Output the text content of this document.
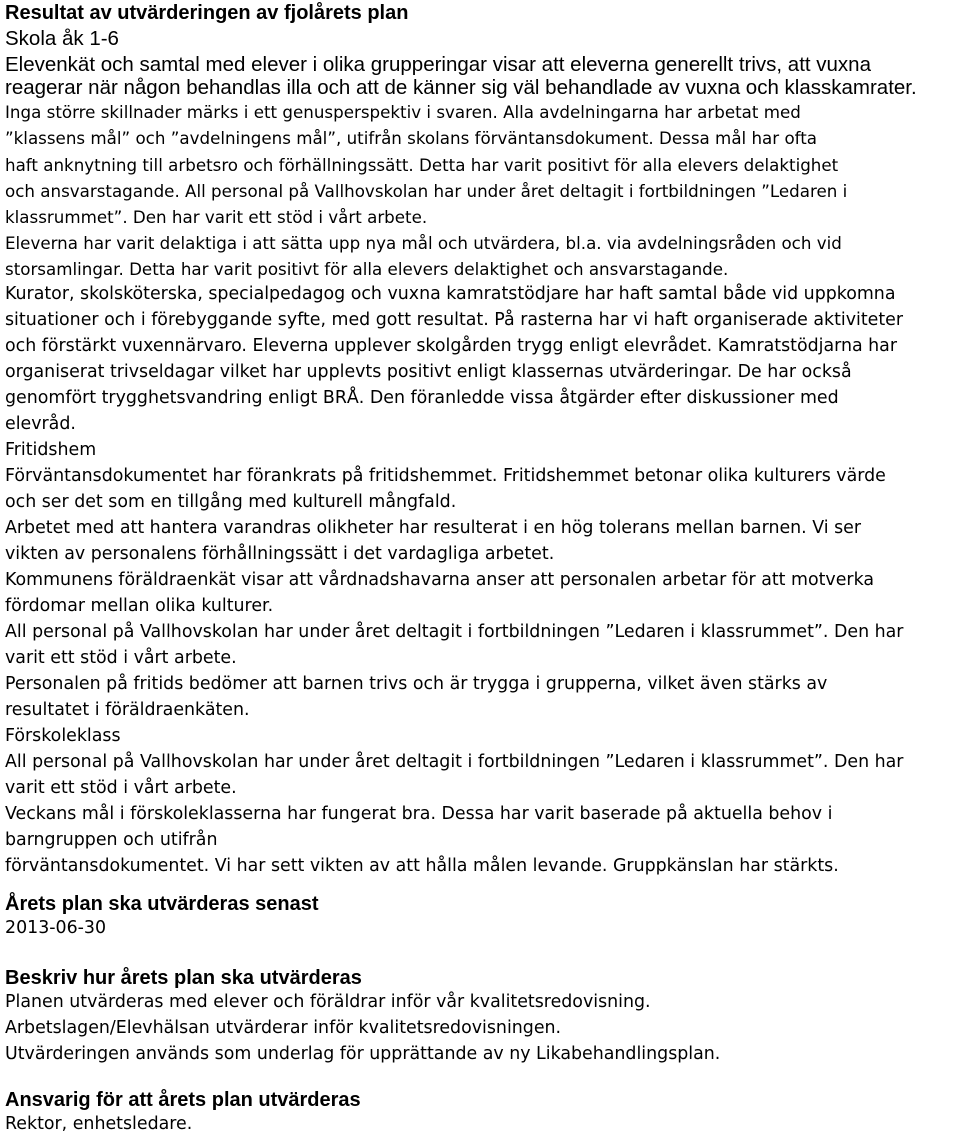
Resultat av utvärderingen av fjolårets plan

Skola åk 1-6

Elevenkät och samtal med elever i olika grupperingar visar att eleverna generellt trivs, att vuxna

reagerar när någon behandlas illa och att de känner sig väl behandlade av vuxna och klasskamrater.

Inga större skillnader märks i ett genusperspektiv i svaren. Alla avdelningarna har arbetat med

”klassens mål” och ”avdelningens mål”, utifrån skolans förväntansdokument. Dessa mål har ofta

haft anknytning till arbetsro och förhällningssätt. Detta har varit positivt för alla elevers delaktighet

och ansvarstagande. All personal på Vallhovskolan har under året deltagit i fortbildningen ”Ledaren i

klassrummet”. Den har varit ett stöd i vårt arbete.

Eleverna har varit delaktiga i att sätta upp nya mål och utvärdera, bl.a. via avdelningsråden och vid

storsamlingar. Detta har varit positivt för alla elevers delaktighet och ansvarstagande.

Kurator, skolsköterska, specialpedagog och vuxna kamratstödjare har haft samtal både vid uppkomna

situationer och i förebyggande syfte, med gott resultat. På rasterna har vi haft organiserade aktiviteter

och förstärkt vuxennärvaro. Eleverna upplever skolgården trygg enligt elevrådet. Kamratstödjarna har

organiserat trivseldagar vilket har upplevts positivt enligt klassernas utvärderingar. De har också

genomfört trygghetsvandring enligt BRÅ. Den föranledde vissa åtgärder efter diskussioner med

elevråd.

Fritidshem

Förväntansdokumentet har förankrats på fritidshemmet. Fritidshemmet betonar olika kulturers värde

och ser det som en tillgång med kulturell mångfald.

Arbetet med att hantera varandras olikheter har resulterat i en hög tolerans mellan barnen. Vi ser

vikten av personalens förhållningssätt i det vardagliga arbetet.

Kommunens föräldraenkät visar att vårdnadshavarna anser att personalen arbetar för att motverka

fördomar mellan olika kulturer.

All personal på Vallhovskolan har under året deltagit i fortbildningen ”Ledaren i klassrummet”. Den har

varit ett stöd i vårt arbete.

Personalen på fritids bedömer att barnen trivs och är trygga i grupperna, vilket även stärks av

resultatet i föräldraenkäten.

Förskoleklass

All personal på Vallhovskolan har under året deltagit i fortbildningen ”Ledaren i klassrummet”. Den har

varit ett stöd i vårt arbete.

Veckans mål i förskoleklasserna har fungerat bra. Dessa har varit baserade på aktuella behov i

barngruppen och utifrån

förväntansdokumentet. Vi har sett vikten av att hålla målen levande. Gruppkänslan har stärkts.

Årets plan ska utvärderas senast

2013-06-30

Beskriv hur årets plan ska utvärderas

Planen utvärderas med elever och föräldrar inför vår kvalitetsredovisning.

Arbetslagen/Elevhälsan utvärderar inför kvalitetsredovisningen.

Utvärderingen används som underlag för upprättande av ny Likabehandlingsplan.

Ansvarig för att årets plan utvärderas

Rektor, enhetsledare.
